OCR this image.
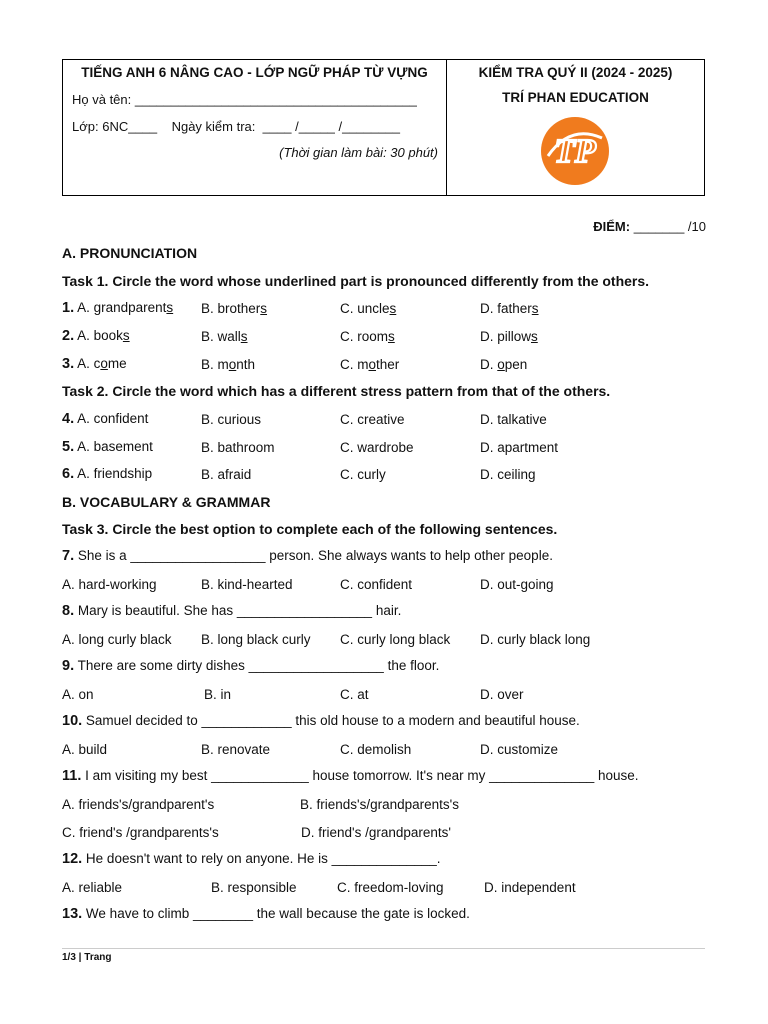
TIẾNG ANH 6 NÂNG CAO - LỚP NGỮ PHÁP TỪ VỰNG
Họ và tên: _______________________________________
Lớp: 6NC____    Ngày kiểm tra:  ____ /_____ /________
(Thời gian làm bài: 30 phút)
KIỂM TRA QUÝ II (2024 - 2025)
TRÍ PHAN EDUCATION
TP
ĐIỂM: _______ /10
A. PRONUNCIATION
Task 1. Circle the word whose underlined part is pronounced differently from the others.
1. A. grandparents B. brothers	C. uncles	D. fathers
2. A. books	B. walls	C. rooms	D. pillows
3. A. come	B. month	C. mother	D. open
Task 2. Circle the word which has a different stress pattern from that of the others.
4. A. confident	B. curious	C. creative	D. talkative
5. A. basement	B. bathroom	C. wardrobe	D. apartment
6. A. friendship	B. afraid	C. curly	D. ceiling
B. VOCABULARY & GRAMMAR
Task 3. Circle the best option to complete each of the following sentences.
7. She is a __________________ person. She always wants to help other people.
A. hard-working	B. kind-hearted	C. confident	D. out-going
8. Mary is beautiful. She has __________________ hair.
A. long curly black B. long black curly C. curly long black D. curly black long
9. There are some dirty dishes __________________ the floor.
A. on	B. in	C. at	D. over
10. Samuel decided to ____________ this old house to a modern and beautiful house.
A. build	B. renovate	C. demolish	D. customize
11. I am visiting my best _____________ house tomorrow. It's near my ______________ house.
A. friends's/grandparent's	B. friends's/grandparents's
C. friend's /grandparents's	D. friend's /grandparents'
12. He doesn't want to rely on anyone. He is ______________.
A. reliable	B. responsible	C. freedom-loving	D. independent
13. We have to climb ________ the wall because the gate is locked.
1/3 | Trang
